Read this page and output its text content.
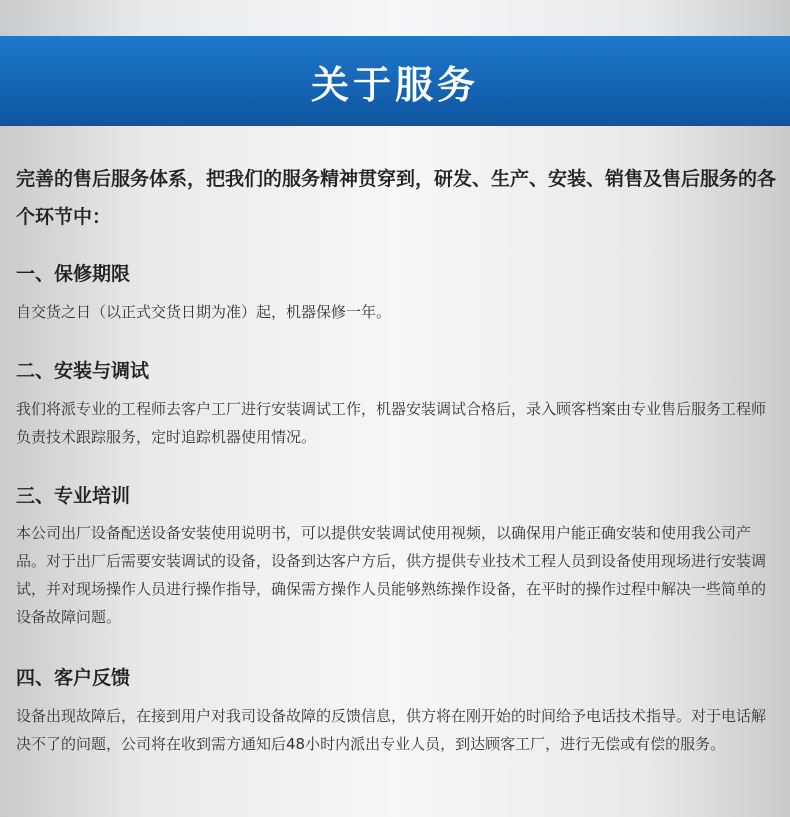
关于服务

完善的售后服务体系，把我们的服务精神贯穿到，研发、生产、安装、销售及售后服务的各个环节中：

一、保修期限

自交货之日（以正式交货日期为准）起，机器保修一年。

二、安装与调试

我们将派专业的工程师去客户工厂进行安装调试工作，机器安装调试合格后，录入顾客档案由专业售后服务工程师负责技术跟踪服务，定时追踪机器使用情况。

三、专业培训

本公司出厂设备配送设备安装使用说明书，可以提供安装调试使用视频，以确保用户能正确安装和使用我公司产品。对于出厂后需要安装调试的设备，设备到达客户方后，供方提供专业技术工程人员到设备使用现场进行安装调试，并对现场操作人员进行操作指导，确保需方操作人员能够熟练操作设备，在平时的操作过程中解决一些简单的设备故障问题。

四、客户反馈

设备出现故障后，在接到用户对我司设备故障的反馈信息，供方将在刚开始的时间给予电话技术指导。对于电话解决不了的问题，公司将在收到需方通知后48小时内派出专业人员，到达顾客工厂，进行无偿或有偿的服务。
